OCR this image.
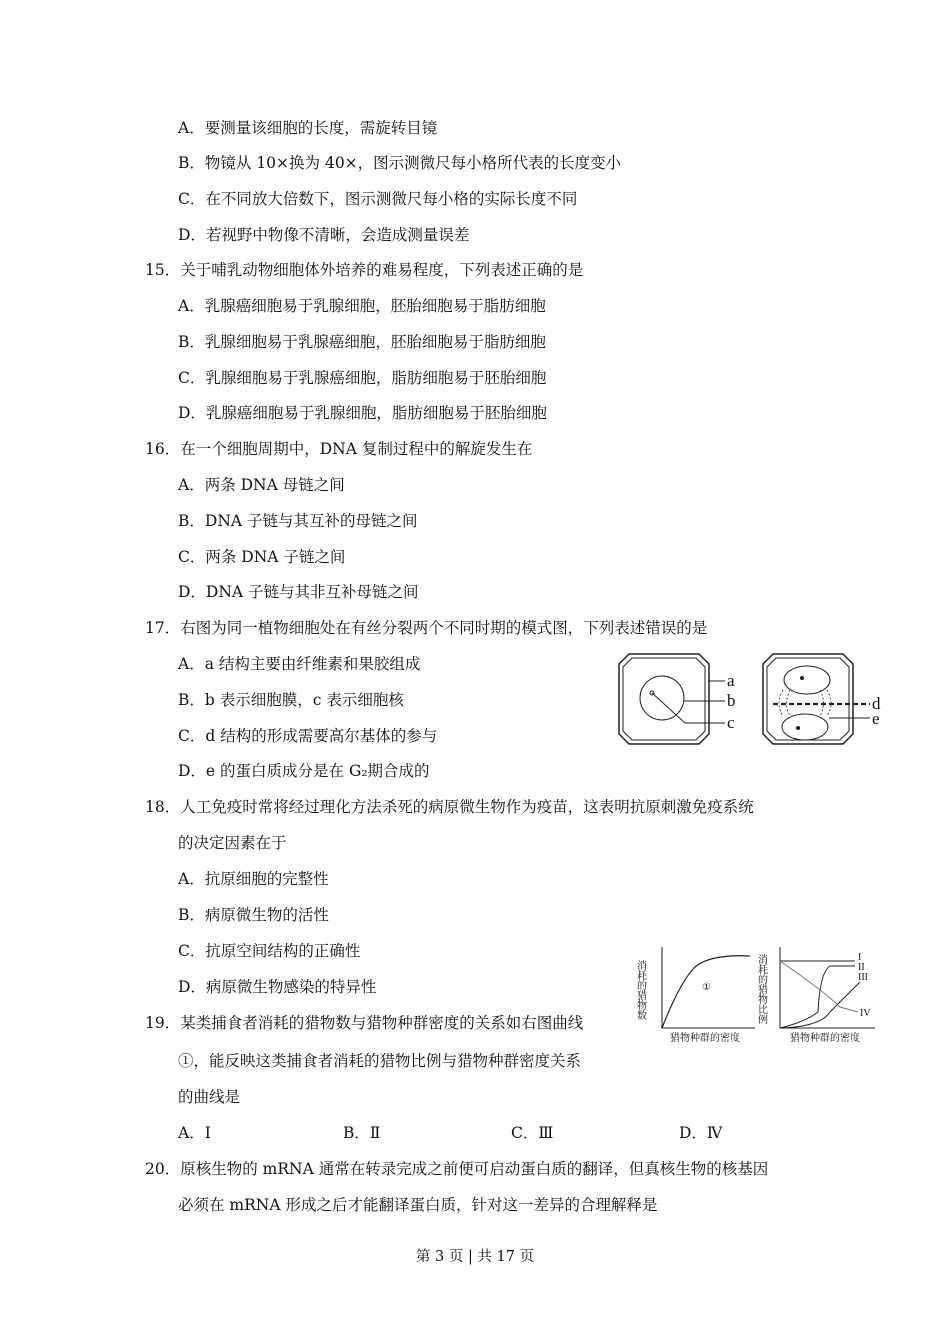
A．要测量该细胞的长度，需旋转目镜
B．物镜从 10×换为 40×，图示测微尺每小格所代表的长度变小
C．在不同放大倍数下，图示测微尺每小格的实际长度不同
D．若视野中物像不清晰，会造成测量误差
15．关于哺乳动物细胞体外培养的难易程度，下列表述正确的是
A．乳腺癌细胞易于乳腺细胞，胚胎细胞易于脂肪细胞
B．乳腺细胞易于乳腺癌细胞，胚胎细胞易于脂肪细胞
C．乳腺细胞易于乳腺癌细胞，脂肪细胞易于胚胎细胞
D．乳腺癌细胞易于乳腺细胞，脂肪细胞易于胚胎细胞
16．在一个细胞周期中，DNA 复制过程中的解旋发生在
A．两条 DNA 母链之间
B．DNA 子链与其互补的母链之间
C．两条 DNA 子链之间
D．DNA 子链与其非互补母链之间
17．右图为同一植物细胞处在有丝分裂两个不同时期的模式图，下列表述错误的是
A．a 结构主要由纤维素和果胶组成
B．b 表示细胞膜，c 表示细胞核
C．d 结构的形成需要高尔基体的参与
D．e 的蛋白质成分是在 G₂期合成的
18．人工免疫时常将经过理化方法杀死的病原微生物作为疫苗，这表明抗原刺激免疫系统
的决定因素在于
A．抗原细胞的完整性
B．病原微生物的活性
C．抗原空间结构的正确性
D．病原微生物感染的特异性
19．某类捕食者消耗的猎物数与猎物种群密度的关系如右图曲线
①，能反映这类捕食者消耗的猎物比例与猎物种群密度关系
的曲线是
A．Ⅰ	B．Ⅱ	C．Ⅲ	D．Ⅳ
20．原核生物的 mRNA 通常在转录完成之前便可启动蛋白质的翻译，但真核生物的核基因
必须在 mRNA 形成之后才能翻译蛋白质，针对这一差异的合理解释是
a
b
c
d
e
消耗的猎物数
猎物种群的密度
①	消耗的猎物比例
猎物种群的密度
I
II
III
IV
第 3 页 | 共 17 页
